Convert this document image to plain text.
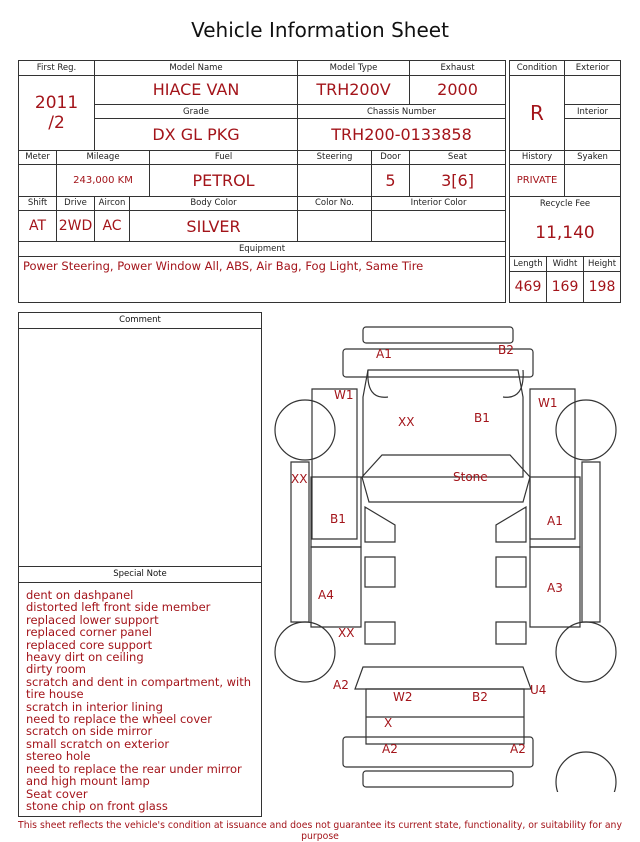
Vehicle Information Sheet
First Reg.		Model Name			Model Type		Exhaust

2011
/2		HIACE VAN			TRH200V		2000
		Grade			Chassis Number		
		DX GL PKG			TRH200-0133858		
Meter	Mileage			Fuel	Steering	Door	Seat
	243,000 KM			PETROL		5	3[6]
Shift	Drive	Aircon	Body Color		Color No.	Interior Color	
AT	2WD	AC	SILVER				
Equipment							
Power Steering, Power Window All, ABS, Air Bag, Fog Light, Same Tire							
Condition		Exterior	
R			
		Interior	

History		Syaken	
PRIVATE			
Recycle Fee			
11,140			
Length	Widht		Height
469	169		198
Comment
Special Note
dent on dashpanel
distorted left front side member
replaced lower support
replaced corner panel
replaced core support
heavy dirt on ceiling
dirty room
scratch and dent in compartment, with
tire house
scratch in interior lining
need to replace the wheel cover
scratch on side mirror
small scratch on exterior
stereo hole
need to replace the rear under mirror
and high mount lamp
Seat cover
stone chip on front glass
A1	B2
W1
W1
XX	B1
Stone
XX
B1	A1
A4	A3
XX
A2
W2	B2	U4
X
A2	A2
This sheet reflects the vehicle's condition at issuance and does not guarantee its current state, functionality, or suitability for any purpose
